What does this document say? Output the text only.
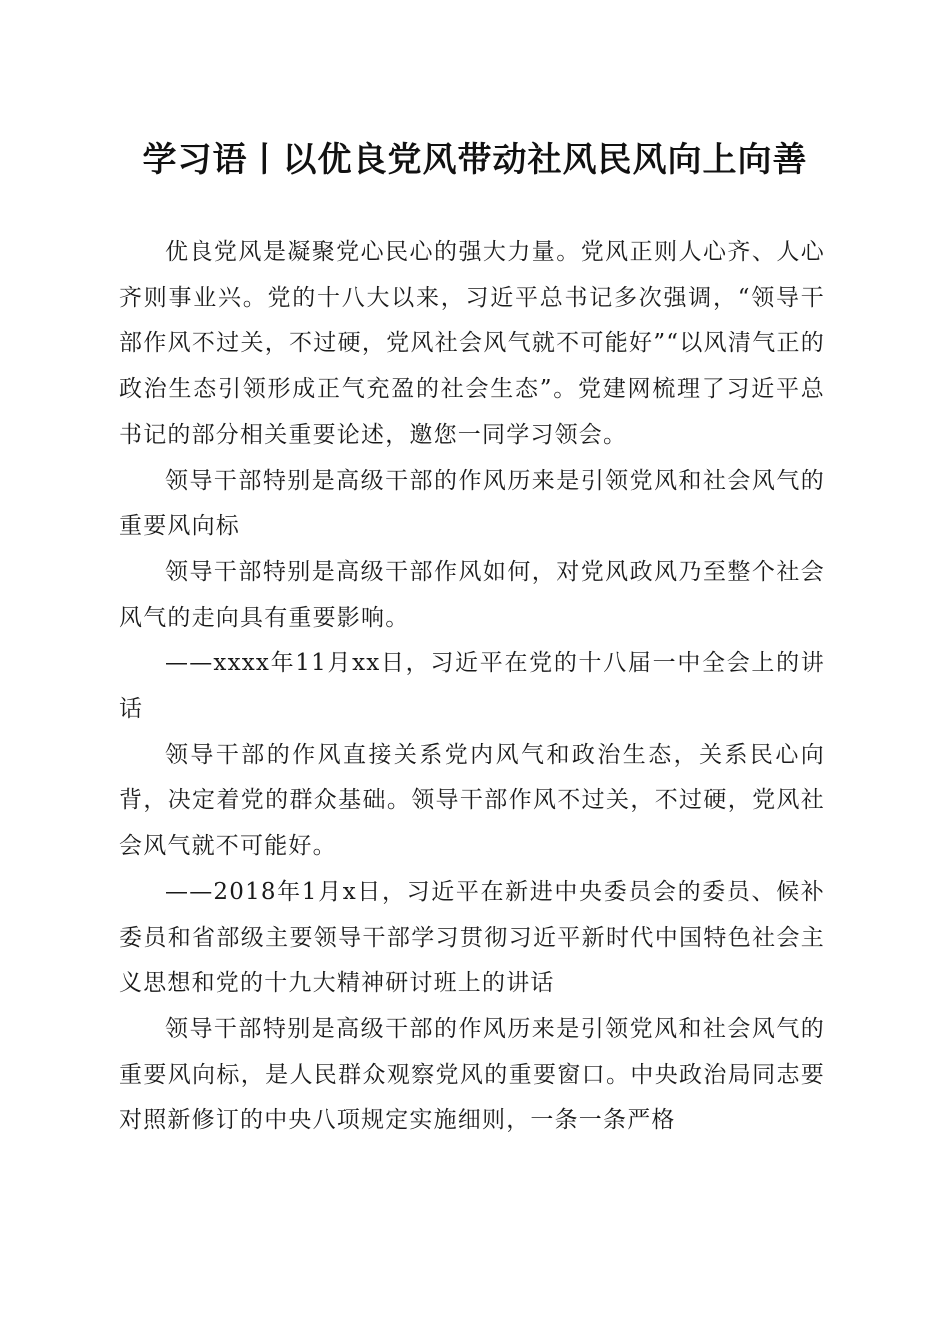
学习语丨以优良党风带动社风民风向上向善

优良党风是凝聚党心民心的强大力量。党风正则人心齐、人心齐则事业兴。党的十八大以来，习近平总书记多次强调，“领导干部作风不过关，不过硬，党风社会风气就不可能好”“以风清气正的政治生态引领形成正气充盈的社会生态”。党建网梳理了习近平总书记的部分相关重要论述，邀您一同学习领会。

领导干部特别是高级干部的作风历来是引领党风和社会风气的重要风向标

领导干部特别是高级干部作风如何，对党风政风乃至整个社会风气的走向具有重要影响。

——xxxx年11月xx日，习近平在党的十八届一中全会上的讲话

领导干部的作风直接关系党内风气和政治生态，关系民心向背，决定着党的群众基础。领导干部作风不过关，不过硬，党风社会风气就不可能好。

——2018年1月x日，习近平在新进中央委员会的委员、候补委员和省部级主要领导干部学习贯彻习近平新时代中国特色社会主义思想和党的十九大精神研讨班上的讲话

领导干部特别是高级干部的作风历来是引领党风和社会风气的重要风向标，是人民群众观察党风的重要窗口。中央政治局同志要对照新修订的中央八项规定实施细则，一条一条严格
